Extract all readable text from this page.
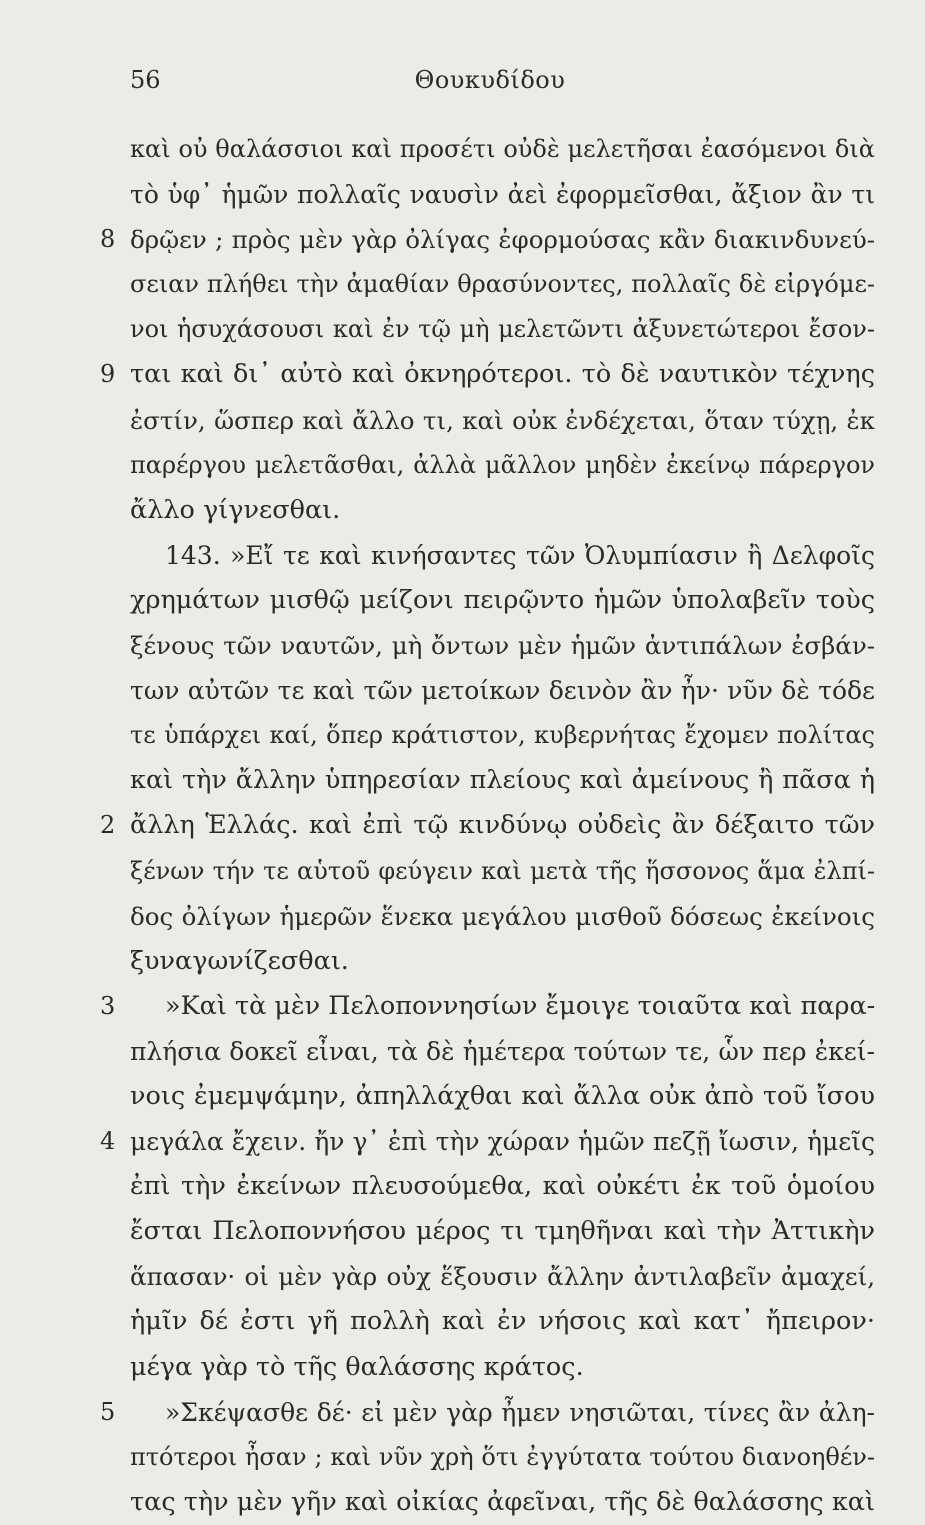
56	Θουκυδίδου
καὶ οὐ θαλάσσιοι καὶ προσέτι οὐδὲ μελετῆσαι ἐασόμενοι διὰ
τὸ ὑφ᾽ ἡμῶν πολλαῖς ναυσὶν ἀεὶ ἐφορμεῖσθαι, ἄξιον ἂν τι
8 δρῷεν ; πρὸς μὲν γὰρ ὀλίγας ἐφορμούσας κἂν διακινδυνεύ-
σειαν πλήθει τὴν ἀμαθίαν θρασύνοντες, πολλαῖς δὲ εἰργόμε-
νοι ἡσυχάσουσι καὶ ἐν τῷ μὴ μελετῶντι ἀξυνετώτεροι ἔσον-
9 ται καὶ δι᾽ αὐτὸ καὶ ὀκνηρότεροι. τὸ δὲ ναυτικὸν τέχνης
ἐστίν, ὥσπερ καὶ ἄλλο τι, καὶ οὐκ ἐνδέχεται, ὅταν τύχῃ, ἐκ
παρέργου μελετᾶσθαι, ἀλλὰ μᾶλλον μηδὲν ἐκείνῳ πάρεργον
ἄλλο γίγνεσθαι.
143. »Εἴ τε καὶ κινήσαντες τῶν Ὀλυμπίασιν ἢ Δελφοῖς
χρημάτων μισθῷ μείζονι πειρῷντο ἡμῶν ὑπολαβεῖν τοὺς
ξένους τῶν ναυτῶν, μὴ ὄντων μὲν ἡμῶν ἀντιπάλων ἐσβάν-
των αὐτῶν τε καὶ τῶν μετοίκων δεινὸν ἂν ἦν· νῦν δὲ τόδε
τε ὑπάρχει καί, ὅπερ κράτιστον, κυβερνήτας ἔχομεν πολίτας
καὶ τὴν ἄλλην ὑπηρεσίαν πλείους καὶ ἀμείνους ἢ πᾶσα ἡ
2 ἄλλη Ἑλλάς. καὶ ἐπὶ τῷ κινδύνῳ οὐδεὶς ἂν δέξαιτο τῶν
ξένων τήν τε αὑτοῦ φεύγειν καὶ μετὰ τῆς ἥσσονος ἅμα ἐλπί-
δος ὀλίγων ἡμερῶν ἕνεκα μεγάλου μισθοῦ δόσεως ἐκείνοις
ξυναγωνίζεσθαι.
3	»Καὶ τὰ μὲν Πελοποννησίων ἔμοιγε τοιαῦτα καὶ παρα-
πλήσια δοκεῖ εἶναι, τὰ δὲ ἡμέτερα τούτων τε, ὧν περ ἐκεί-
νοις ἐμεμψάμην, ἀπηλλάχθαι καὶ ἄλλα οὐκ ἀπὸ τοῦ ἴσου
4 μεγάλα ἔχειν. ἤν γ᾽ ἐπὶ τὴν χώραν ἡμῶν πεζῇ ἴωσιν, ἡμεῖς
ἐπὶ τὴν ἐκείνων πλευσούμεθα, καὶ οὐκέτι ἐκ τοῦ ὁμοίου
ἔσται Πελοποννήσου μέρος τι τμηθῆναι καὶ τὴν Ἀττικὴν
ἅπασαν· οἱ μὲν γὰρ οὐχ ἕξουσιν ἄλλην ἀντιλαβεῖν ἀμαχεί,
ἡμῖν δέ ἐστι γῆ πολλὴ καὶ ἐν νήσοις καὶ κατ᾽ ἤπειρον·
μέγα γὰρ τὸ τῆς θαλάσσης κράτος.
5	»Σκέψασθε δέ· εἰ μὲν γὰρ ἦμεν νησιῶται, τίνες ἂν ἀλη-
πτότεροι ἦσαν ; καὶ νῦν χρὴ ὅτι ἐγγύτατα τούτου διανοηθέν-
τας τὴν μὲν γῆν καὶ οἰκίας ἀφεῖναι, τῆς δὲ θαλάσσης καὶ
